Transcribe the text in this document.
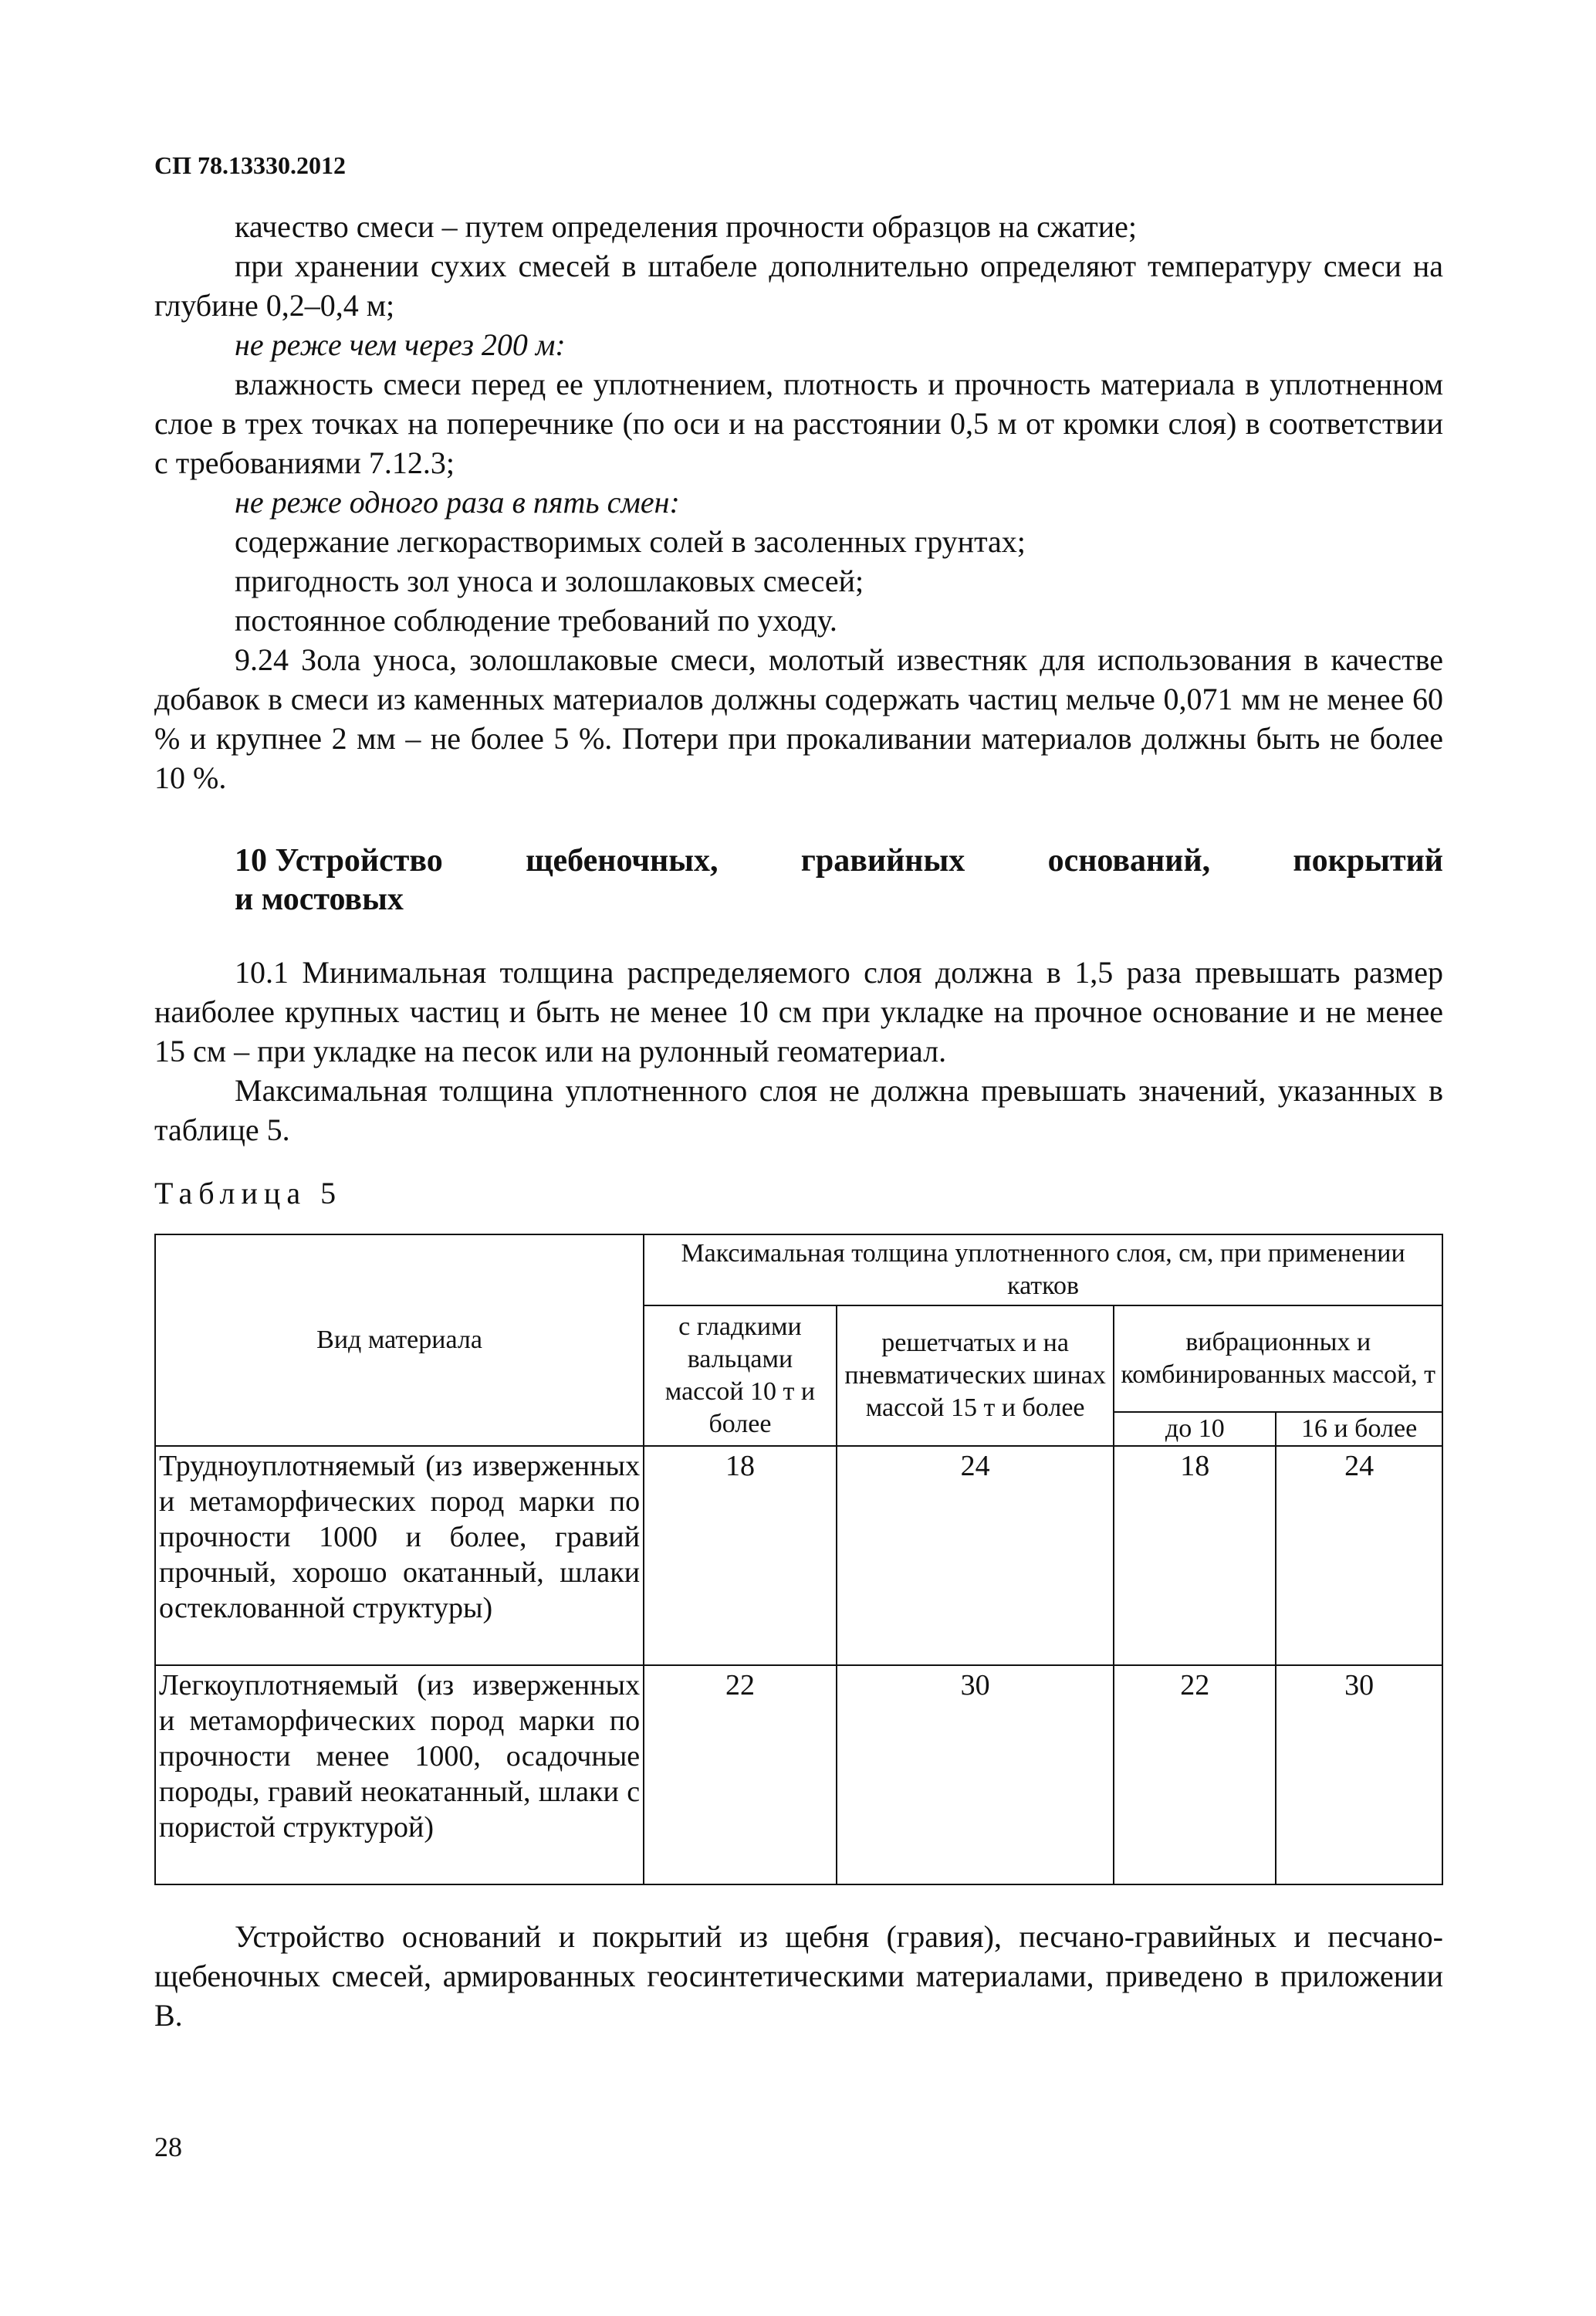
СП 78.13330.2012

качество смеси – путем определения прочности образцов на сжатие;

при хранении сухих смесей в штабеле дополнительно определяют температуру смеси на глубине 0,2–0,4 м;

не реже чем через 200 м:

влажность смеси перед ее уплотнением, плотность и прочность материала в уплотненном слое в трех точках на поперечнике (по оси и на расстоянии 0,5 м от кромки слоя) в соответствии с требованиями 7.12.3;

не реже одного раза в пять смен:

содержание легкорастворимых солей в засоленных грунтах;

пригодность зол уноса и золошлаковых смесей;

постоянное соблюдение требований по уходу.

9.24 Зола уноса, золошлаковые смеси, молотый известняк для использования в качестве добавок в смеси из каменных материалов должны содержать частиц мельче 0,071 мм не менее 60 % и крупнее 2 мм – не более 5 %. Потери при прокаливании материалов должны быть не более 10 %.

10 Устройство	щебеночных,	гравийных	оснований,	покрытий
и мостовых

10.1 Минимальная толщина распределяемого слоя должна в 1,5 раза превышать размер наиболее крупных частиц и быть не менее 10 см при укладке на прочное основание и не менее 15 см – при укладке на песок или на рулонный геоматериал.

Максимальная толщина уплотненного слоя не должна превышать значений, указанных в таблице 5.

Таблица 5
Вид материала	Максимальная толщина уплотненного слоя, см, при применении катков			
	с гладкими вальцами массой 10 т и более	решетчатых и на пневматических шинах массой 15 т и более	вибрационных и комбинированных массой, т	
			до 10	16 и более
Трудноуплотняемый (из изверженных и метаморфических пород марки по прочности 1000 и более, гравий прочный, хорошо окатанный, шлаки остеклованной структуры)	18	24	18	24
Легкоуплотняемый (из изверженных и метаморфических пород марки по прочности менее 1000, осадочные породы, гравий неокатанный, шлаки с пористой структурой)	22	30	22	30

Устройство оснований и покрытий из щебня (гравия), песчано-гравийных и песчано-щебеночных смесей, армированных геосинтетическими материалами, приведено в приложении В.

28
